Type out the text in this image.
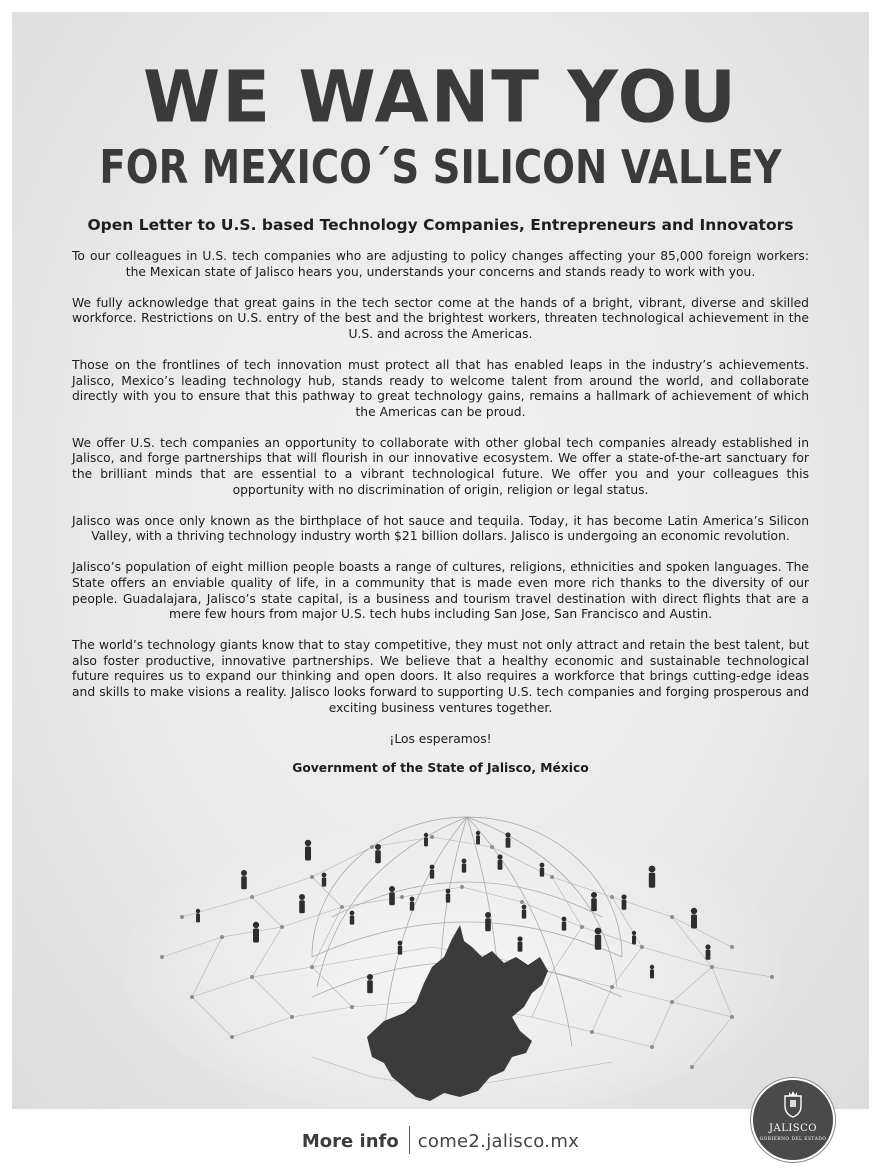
WE WANT YOU
FOR MEXICO´S SILICON VALLEY
Open Letter to U.S. based Technology Companies, Entrepreneurs and Innovators

To our colleagues in U.S. tech companies who are adjusting to policy changes affecting your 85,000 foreign workers: the Mexican state of Jalisco hears you, understands your concerns and stands ready to work with you.

We fully acknowledge that great gains in the tech sector come at the hands of a bright, vibrant, diverse and skilled workforce. Restrictions on U.S. entry of the best and the brightest workers, threaten technological achievement in the U.S. and across the Americas.

Those on the frontlines of tech innovation must protect all that has enabled leaps in the industry’s achievements. Jalisco, Mexico’s leading technology hub, stands ready to welcome talent from around the world, and collaborate directly with you to ensure that this pathway to great technology gains, remains a hallmark of achievement of which the Americas can be proud.

We offer U.S. tech companies an opportunity to collaborate with other global tech companies already established in Jalisco, and forge partnerships that will flourish in our innovative ecosystem. We offer a state-of-the-art sanctuary for the brilliant minds that are essential to a vibrant technological future. We offer you and your colleagues this opportunity with no discrimination of origin, religion or legal status.

Jalisco was once only known as the birthplace of hot sauce and tequila. Today, it has become Latin America’s Silicon Valley, with a thriving technology industry worth $21 billion dollars. Jalisco is undergoing an economic revolution.

Jalisco’s population of eight million people boasts a range of cultures, religions, ethnicities and spoken languages. The State offers an enviable quality of life, in a community that is made even more rich thanks to the diversity of our people. Guadalajara, Jalisco’s state capital, is a business and tourism travel destination with direct flights that are a mere few hours from major U.S. tech hubs including San Jose, San Francisco and Austin.

The world’s technology giants know that to stay competitive, they must not only attract and retain the best talent, but also foster productive, innovative partnerships. We believe that a healthy economic and sustainable technological future requires us to expand our thinking and open doors. It also requires a workforce that brings cutting-edge ideas and skills to make visions a reality. Jalisco looks forward to supporting U.S. tech companies and forging prosperous and exciting business ventures together.

¡Los esperamos!

Government of the State of Jalisco, México

More info come2.jalisco.mx
JALISCO
GOBIERNO DEL ESTADO
